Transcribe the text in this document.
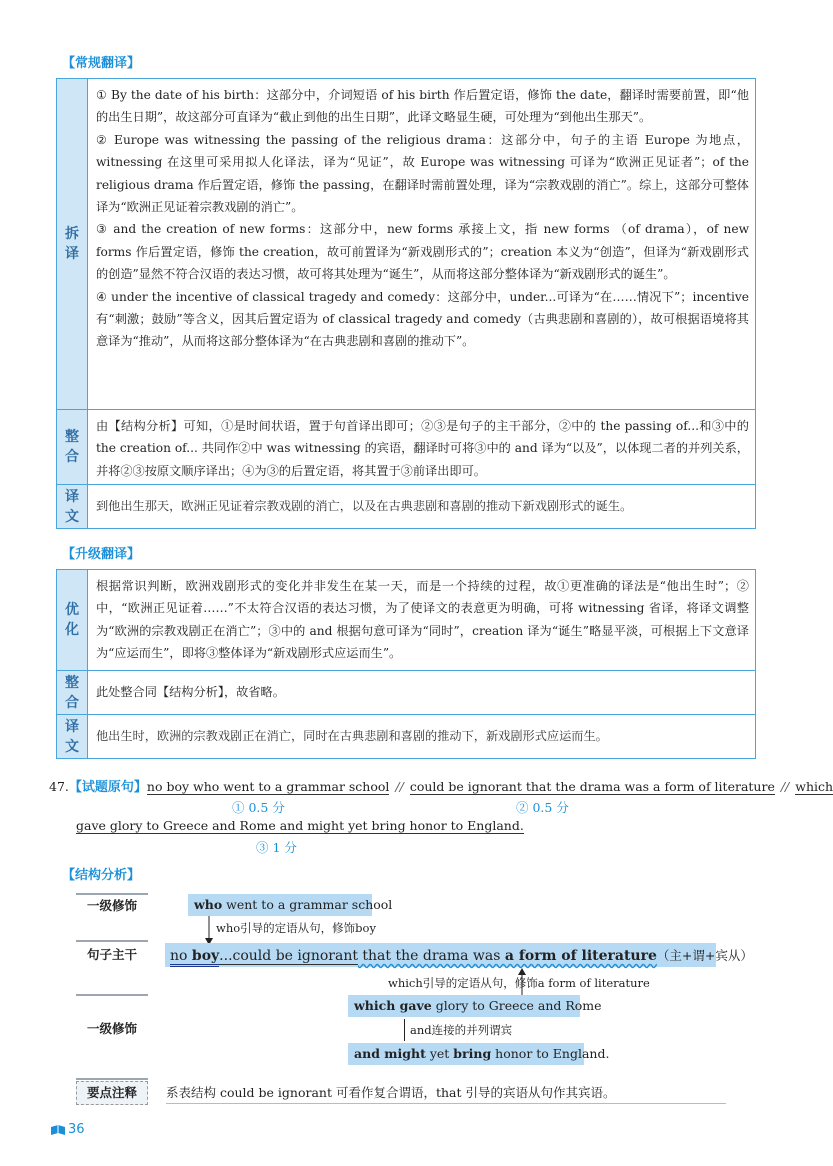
【常规翻译】
拆
译

① By the date of his birth：这部分中，介词短语 of his birth 作后置定语，修饰 the date，翻译时需要前置，即“他的出生日期”，故这部分可直译为“截止到他的出生日期”，此译文略显生硬，可处理为“到他出生那天”。

② Europe was witnessing the passing of the religious drama：这部分中，句子的主语 Europe 为地点，witnessing 在这里可采用拟人化译法，译为“见证”，故 Europe was witnessing 可译为“欧洲正见证者”；of the religious drama 作后置定语，修饰 the passing，在翻译时需前置处理，译为“宗教戏剧的消亡”。综上，这部分可整体译为“欧洲正见证着宗教戏剧的消亡”。

③ and the creation of new forms：这部分中，new forms 承接上文，指 new forms （of drama），of new forms 作后置定语，修饰 the creation，故可前置译为“新戏剧形式的”；creation 本义为“创造”，但译为“新戏剧形式的创造”显然不符合汉语的表达习惯，故可将其处理为“诞生”，从而将这部分整体译为“新戏剧形式的诞生”。

④ under the incentive of classical tragedy and comedy：这部分中，under...可译为“在……情况下”；incentive 有“刺激；鼓励”等含义，因其后置定语为 of classical tragedy and comedy（古典悲剧和喜剧的），故可根据语境将其意译为“推动”，从而将这部分整体译为“在古典悲剧和喜剧的推动下”。

整
合
由【结构分析】可知，①是时间状语，置于句首译出即可；②③是句子的主干部分，②中的 the passing of...和③中的 the creation of... 共同作②中 was witnessing 的宾语，翻译时可将③中的 and 译为“以及”，以体现二者的并列关系，并将②③按原文顺序译出；④为③的后置定语，将其置于③前译出即可。
译
文
到他出生那天，欧洲正见证着宗教戏剧的消亡，以及在古典悲剧和喜剧的推动下新戏剧形式的诞生。
【升级翻译】
优
化
根据常识判断，欧洲戏剧形式的变化并非发生在某一天，而是一个持续的过程，故①更准确的译法是“他出生时”；②中，“欧洲正见证着……”不太符合汉语的表达习惯，为了使译文的表意更为明确，可将 witnessing 省译，将译文调整为“欧洲的宗教戏剧正在消亡”；③中的 and 根据句意可译为“同时”，creation 译为“诞生”略显平淡，可根据上下文意译为“应运而生”，即将③整体译为“新戏剧形式应运而生”。
整
合
此处整合同【结构分析】，故省略。
译
文
他出生时，欧洲的宗教戏剧正在消亡，同时在古典悲剧和喜剧的推动下，新戏剧形式应运而生。
47.【试题原句】no boy who went to a grammar school // could be ignorant that the drama was a form of literature // which
① 0.5 分	② 0.5 分
gave glory to Greece and Rome and might yet bring honor to England.
③ 1 分
【结构分析】
一级修饰
句子主干
一级修饰
要点注释
who went to a grammar school
who引导的定语从句，修饰boy
no boy...could be ignorant that the drama was a form of literature（主+谓+宾从）
which引导的定语从句，修饰a form of literature
which gave glory to Greece and Rome
and连接的并列谓宾
and might yet bring honor to England.
系表结构 could be ignorant 可看作复合谓语，that 引导的宾语从句作其宾语。
36
